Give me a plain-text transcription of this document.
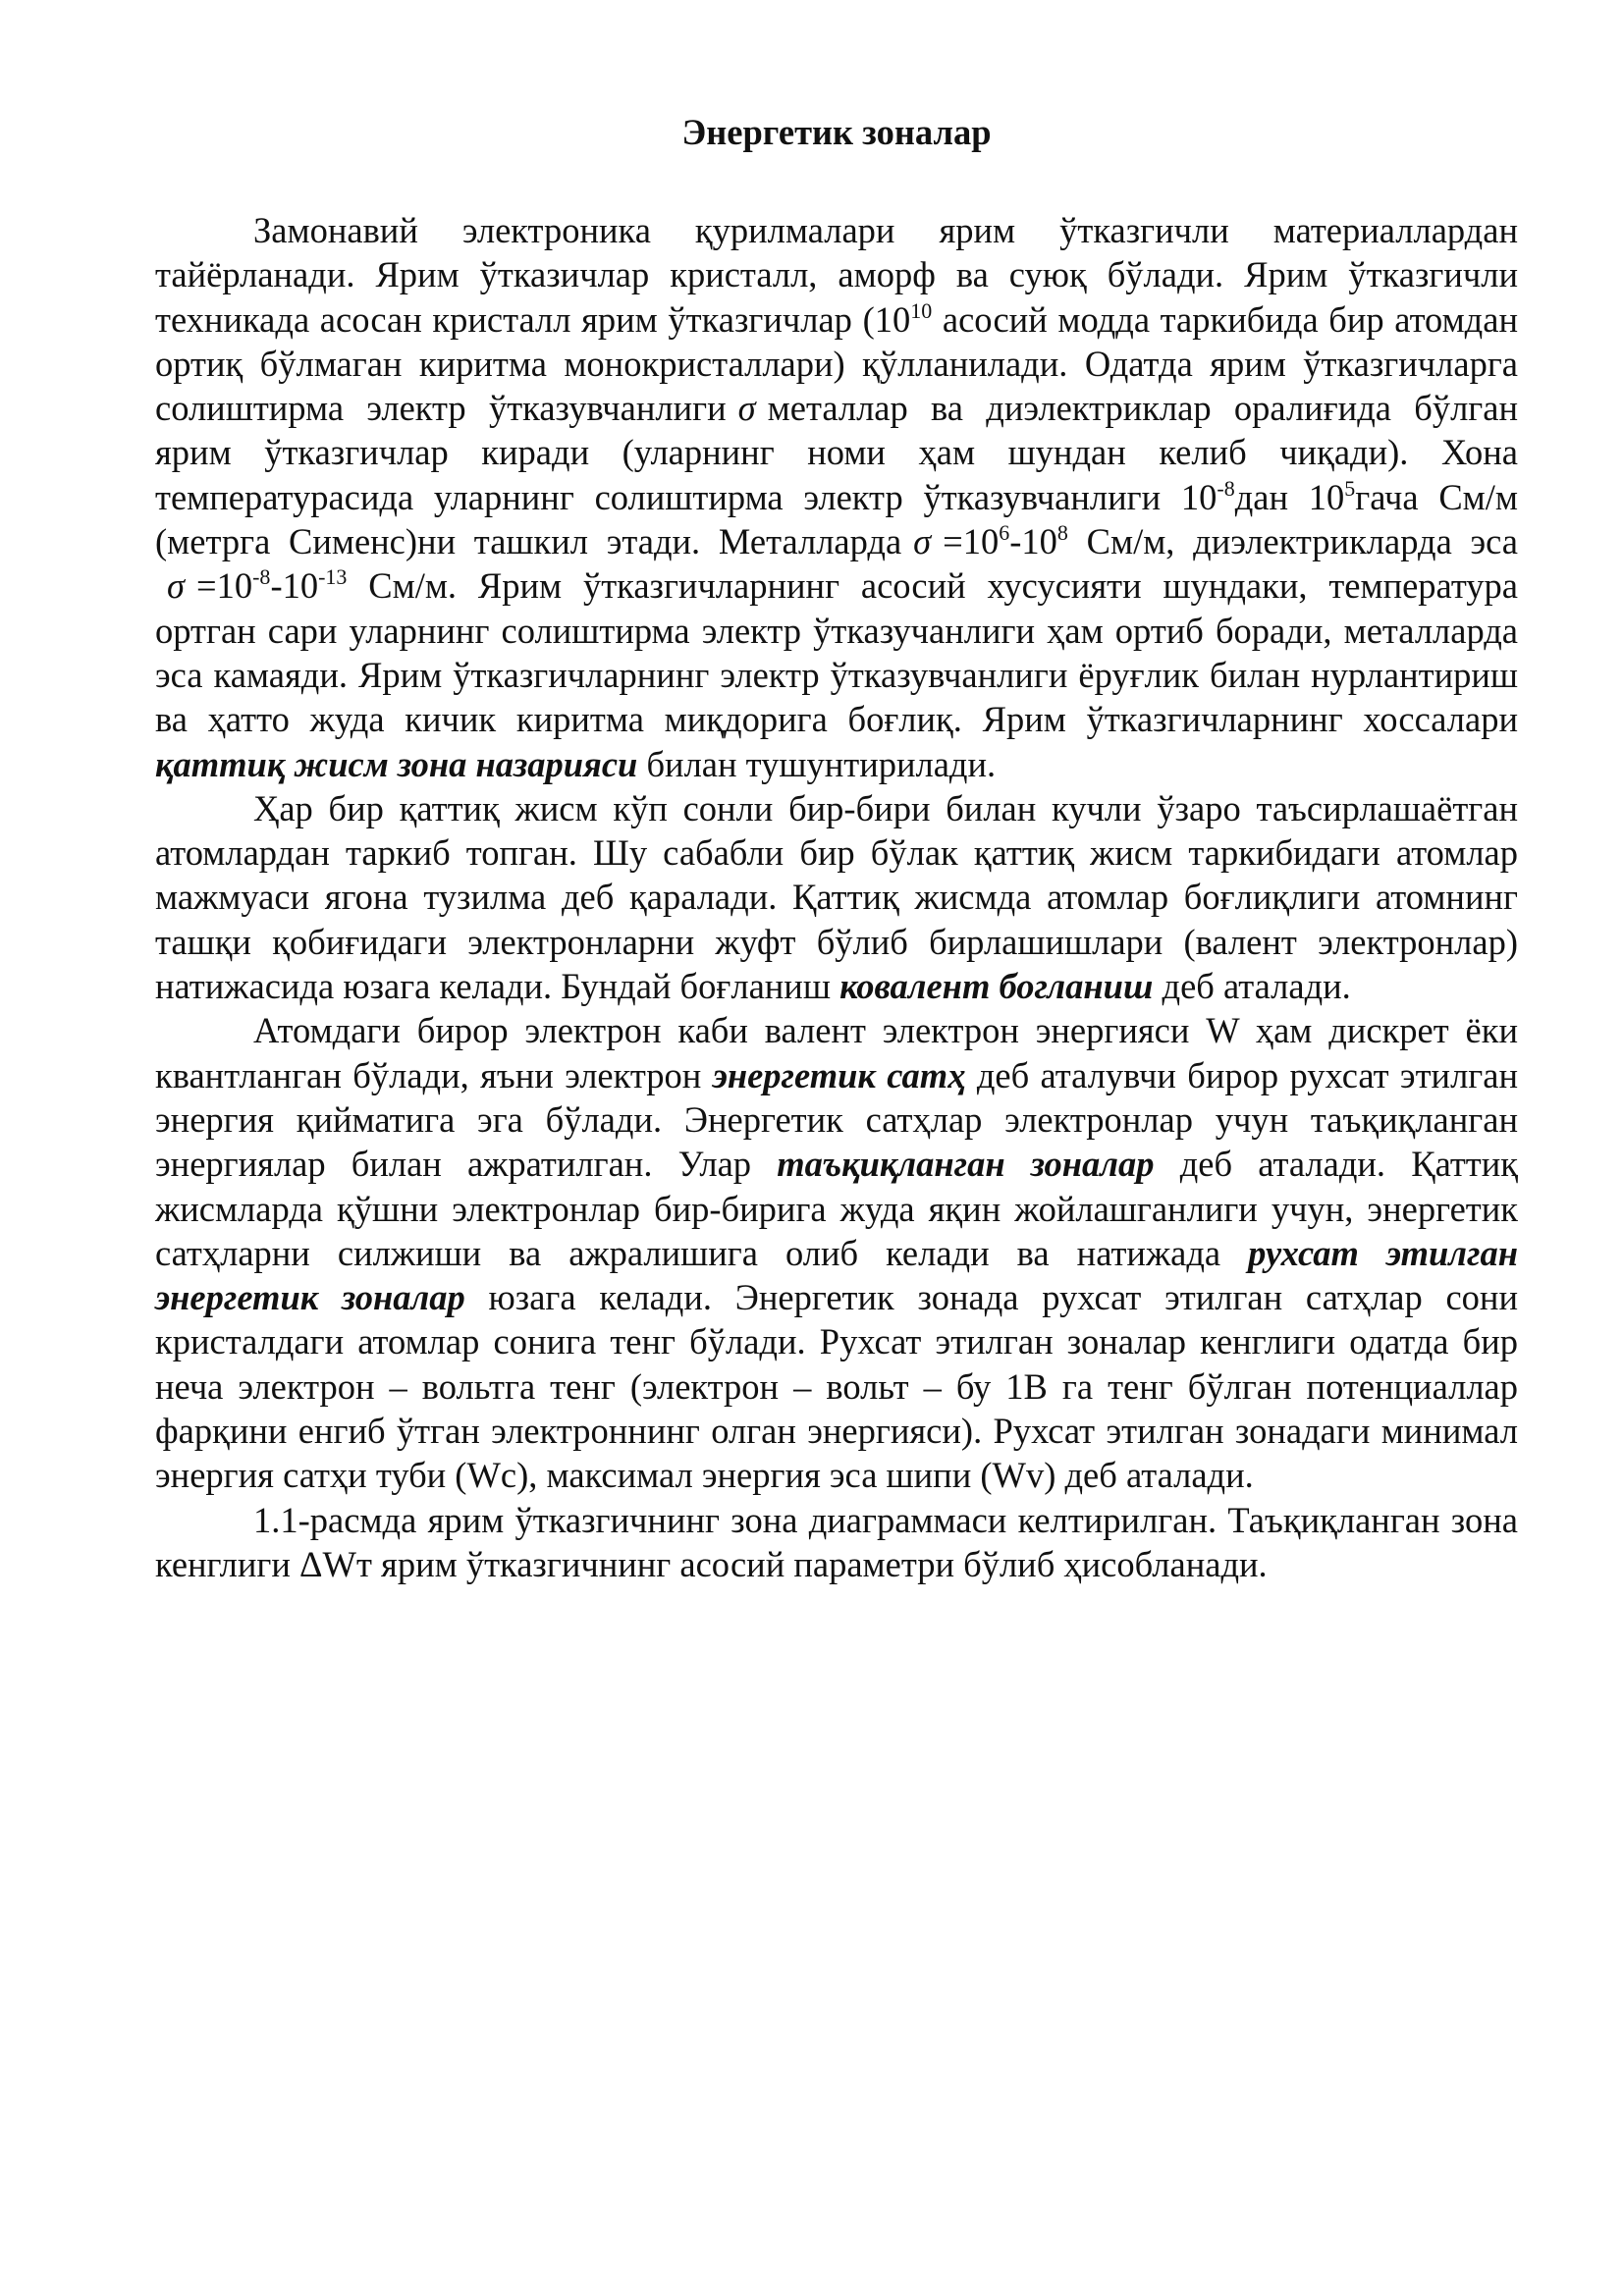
Энергетик зоналар

Замонавий электроника қурилмалари ярим ўтказгичли материаллардан тайёрланади. Ярим ўтказичлар кристалл, аморф ва суюқ бўлади. Ярим ўтказгичли техникада асосан кристалл ярим ўтказгичлар ($10^{10}$ асосий модда таркибида бир атомдан ортиқ бўлмаган киритма монокристаллари) қўлланилади. Одатда ярим ўтказгичларга солиштирма электр ўтказувчанлиги σ металлар ва диэлектриклар оралиғида бўлган ярим ўтказгичлар киради (уларнинг номи ҳам шундан келиб чиқади). Хона температурасида уларнинг солиштирма электр ўтказувчанлиги $10^{-8}дан$ $10^5гача$ См/м (метрга Сименс)ни ташкил этади. Металларда $\sigma =10^6-10^8$ См/м, диэлектрикларда эса $\sigma =10^{-8}-10^{-13}$ См/м. Ярим ўтказгичларнинг асосий хусусияти шундаки, температура ортган сари уларнинг солиштирма электр ўтказучанлиги ҳам ортиб боради, металларда эса камаяди. Ярим ўтказгичларнинг электр ўтказувчанлиги ёруғлик билан нурлантириш ва ҳатто жуда кичик киритма миқдорига боғлиқ. Ярим ўтказгичларнинг хоссалари қаттиқ жисм зона назарияси билан тушунтирилади.

Ҳар бир қаттиқ жисм кўп сонли бир-бири билан кучли ўзаро таъсирлашаётган атомлардан таркиб топган. Шу сабабли бир бўлак қаттиқ жисм таркибидаги атомлар мажмуаси ягона тузилма деб қаралади. Қаттиқ жисмда атомлар боғлиқлиги атомнинг ташқи қобиғидаги электронларни жуфт бўлиб бирлашишлари (валент электронлар) натижасида юзага келади. Бундай боғланиш ковалент богланиш деб аталади.

Атомдаги бирор электрон каби валент электрон энергияси W ҳам дискрет ёки квантланган бўлади, яъни электрон энергетик сатҳ деб аталувчи бирор рухсат этилган энергия қийматига эга бўлади. Энергетик сатҳлар электронлар учун таъқиқланган энергиялар билан ажратилган. Улар таъқиқланган зоналар деб аталади. Қаттиқ жисмларда қўшни электронлар бир-бирига жуда яқин жойлашганлиги учун, энергетик сатҳларни силжиши ва ажралишига олиб келади ва натижада рухсат этилган энергетик зоналар юзага келади. Энергетик зонада рухсат этилган сатҳлар сони кристалдаги атомлар сонига тенг бўлади. Рухсат этилган зоналар кенглиги одатда бир неча электрон – вольтга тенг (электрон – вольт – бу 1В га тенг бўлган потенциаллар фарқини енгиб ўтган электроннинг олган энергияси). Рухсат этилган зонадаги минимал энергия сатҳи туби (Wc), максимал энергия эса шипи (Wv) деб аталади.

1.1-расмда ярим ўтказгичнинг зона диаграммаси келтирилган. Таъқиқланган зона кенглиги ΔWт ярим ўтказгичнинг асосий параметри бўлиб ҳисобланади.
